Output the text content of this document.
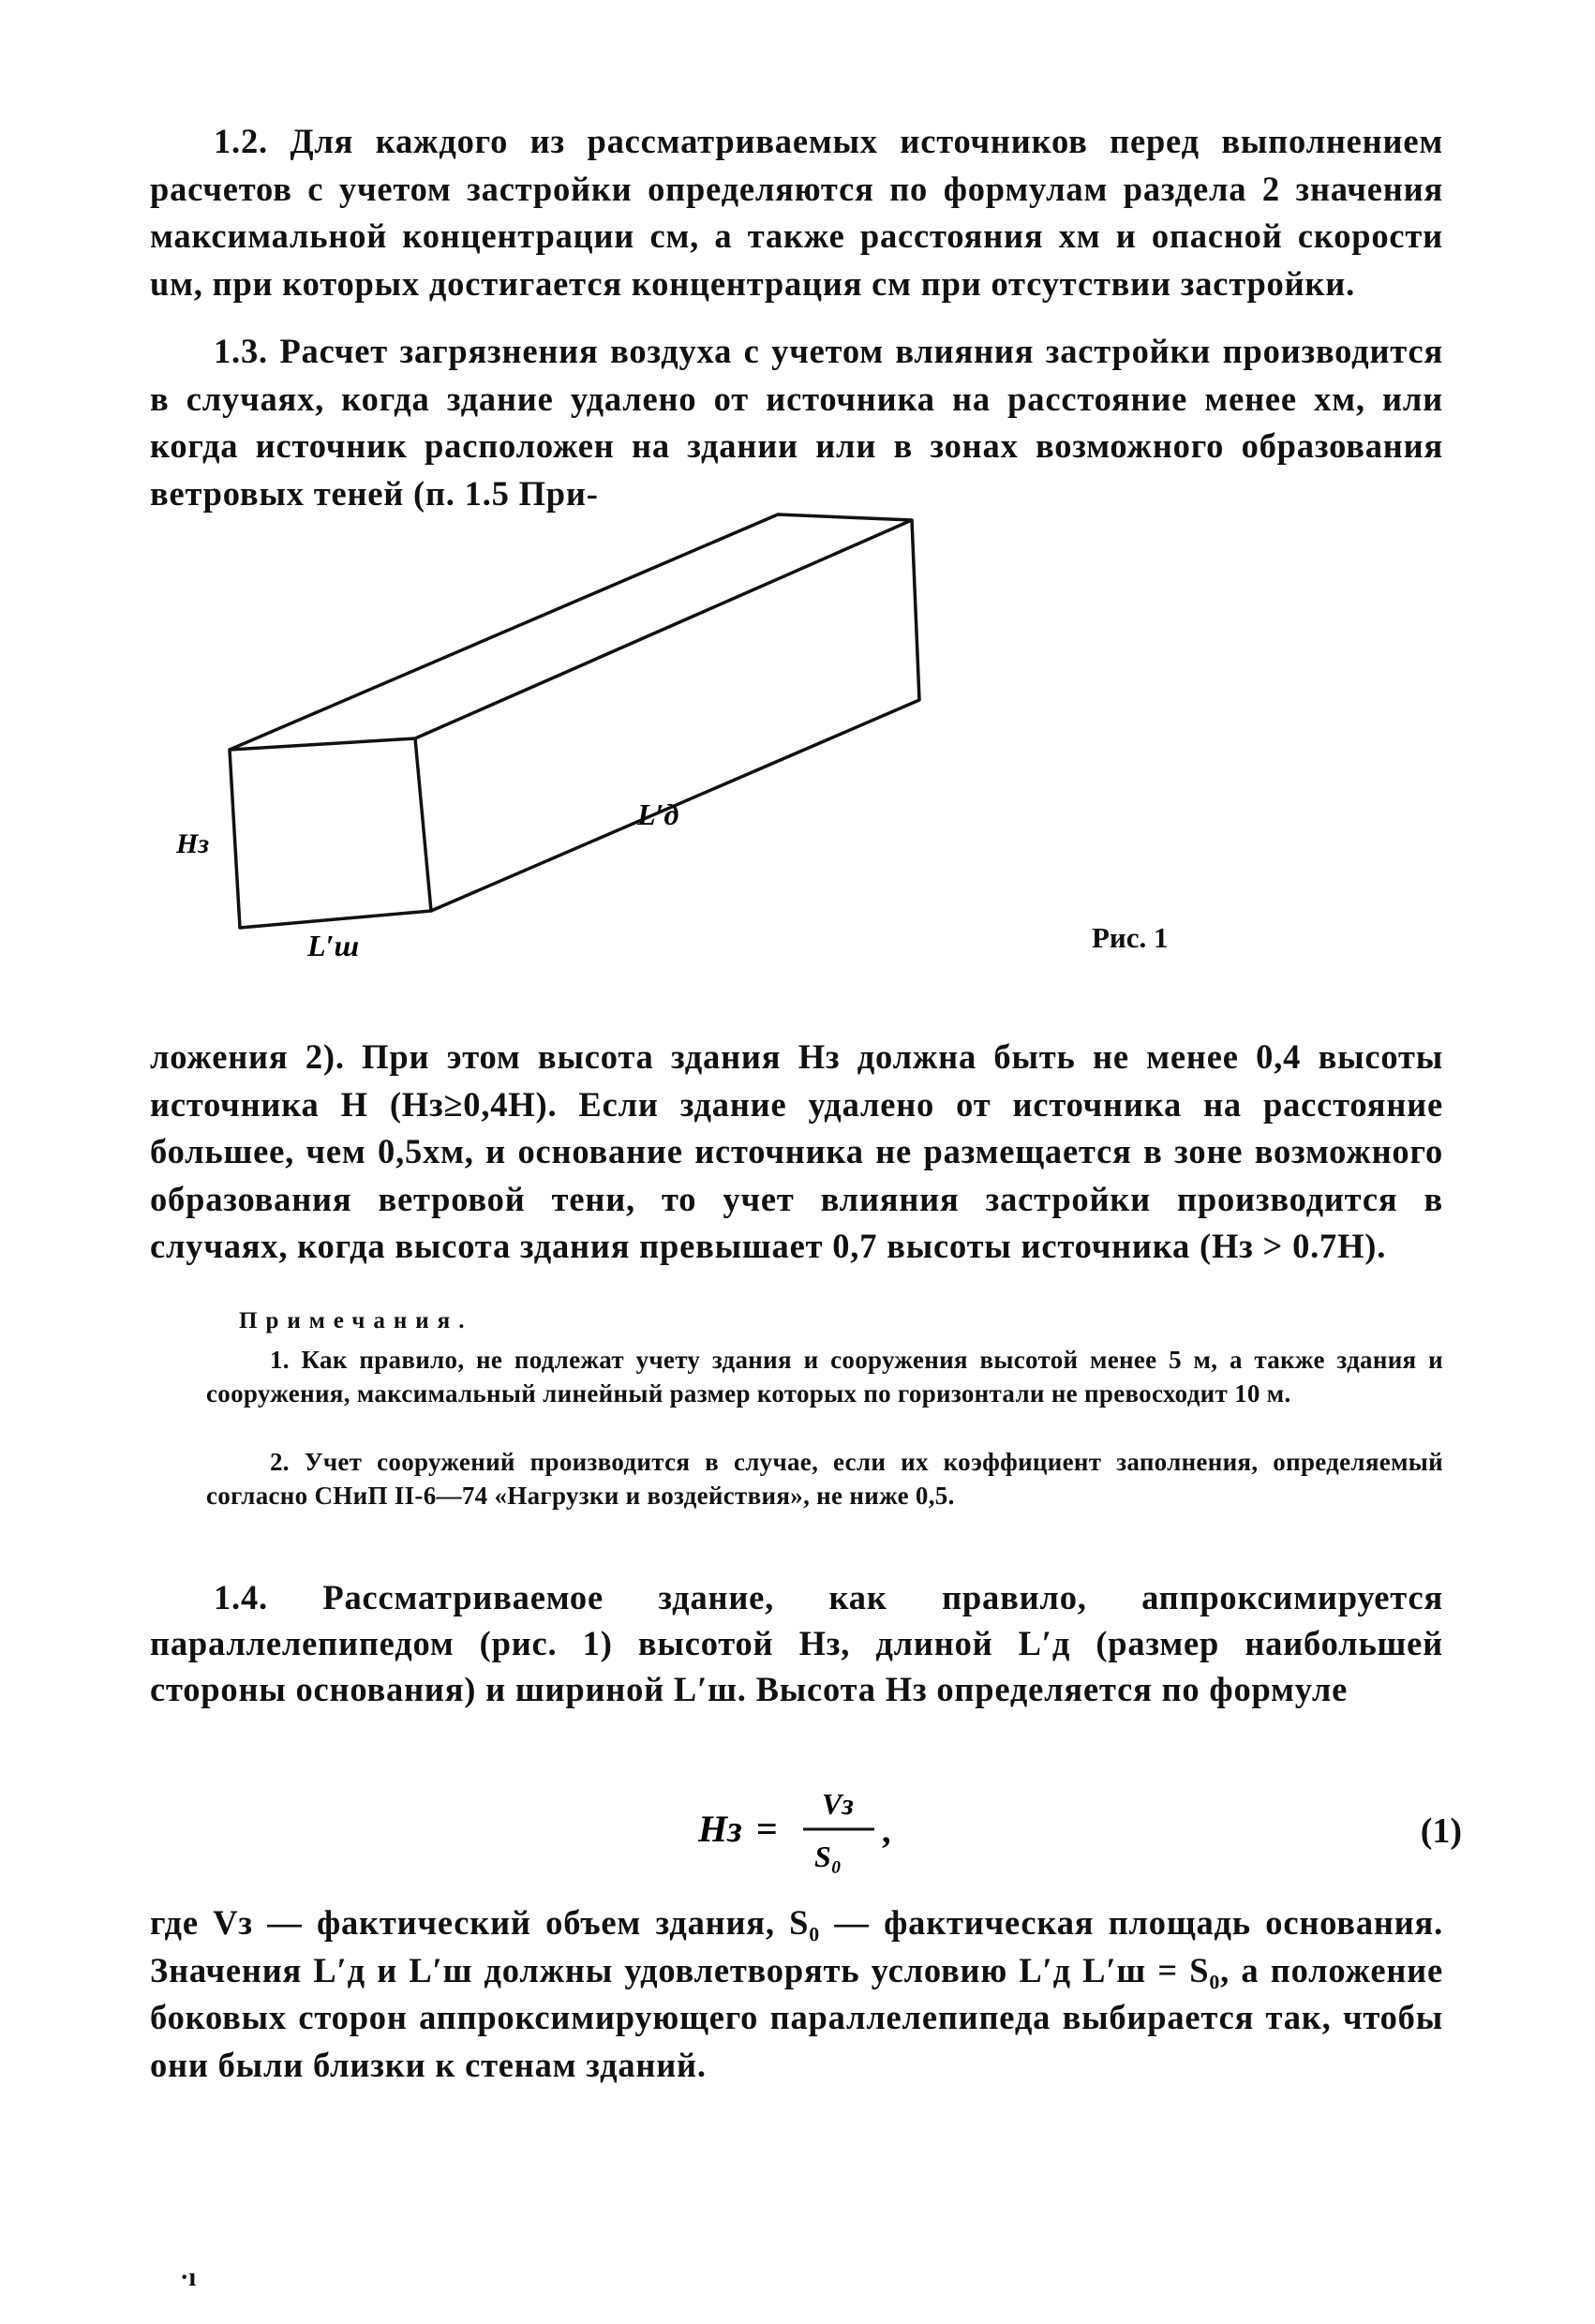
1.2. Для каждого из рассматриваемых источников перед выполнением расчетов с учетом застройки определяются по формулам раздела 2 значения максимальной концентрации cм, а также расстояния xм и опасной скорости uм, при которых достигается концентрация cм при отсутствии застройки.

1.3. Расчет загрязнения воздуха с учетом влияния застройки производится в случаях, когда здание удалено от источника на расстояние менее xм, или когда источник расположен на здании или в зонах возможного образования ветровых теней (п. 1.5 При-

Hз
L′д
L′ш	Рис. 1

ложения 2). При этом высота здания Hз должна быть не менее 0,4 высоты источника H (Hз≥0,4H). Если здание удалено от источника на расстояние большее, чем 0,5xм, и основание источника не размещается в зоне возможного образования ветровой тени, то учет влияния застройки производится в случаях, когда высота здания превышает 0,7 высоты источника (Hз > 0.7H).

Примечания.

1. Как правило, не подлежат учету здания и сооружения высотой менее 5 м, а также здания и сооружения, максимальный линейный размер которых по горизонтали не превосходит 10 м.

2. Учет сооружений производится в случае, если их коэффициент заполнения, определяемый согласно СНиП II-6—74 «Нагрузки и воздействия», не ниже 0,5.

1.4. Рассматриваемое здание, как правило, аппроксимируется параллелепипедом (рис. 1) высотой Hз, длиной L′д (размер наибольшей стороны основания) и шириной L′ш. Высота Hз определяется по формуле

Hз =
Vз
S₀
,	(1)

где Vз — фактический объем здания, S₀ — фактическая площадь основания. Значения L′д и L′ш должны удовлетворять условию L′д L′ш = S₀, а положение боковых сторон аппроксимирующего параллелепипеда выбирается так, чтобы они были близки к стенам зданий.

·ı
